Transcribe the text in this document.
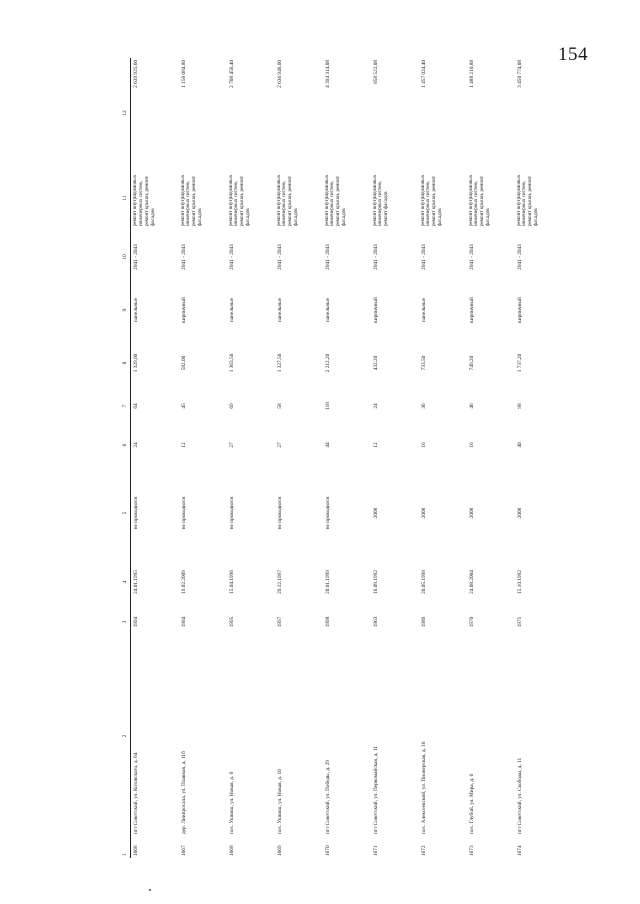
154
1	2	3	4	5	6	7	8	9	10	11	12
1666	пгт Советский, ул. Котовского, д. 64	1994	24.01.1995	не проводился	24	64	1 329,00	панельные	2041 - 2043	ремонт внутридомовых инженерных систем, ремонт крыши, ремонт фасадов	2 639 925,60
1667	дер. Лиипросала, ул. Плавная, д. 11б	1984	19.02.2009	не проводился	12	45	582,00	кирпичный	2041 - 2043	ремонт внутридомовых инженерных систем, ремонт крыши, ремонт фасадов	1 156 084,80
1668	пос. Ушкиш, ул. Новая, д. 8	1995	15.04.1996	не проводился	27	69	1 363,50	панельные	2041 - 2043	ремонт внутридомовых инженерных систем, ремонт крыши, ремонт фасадов	2 708 456,40
1669	пос. Ушкиш, ул. Новая, д. 10	1997	29.12.1997	не проводился	27	58	1 327,50	панельные	2041 - 2043	ремонт внутридомовых инженерных систем, ремонт крыши, ремонт фасадов	2 636 946,00
1670	пгт Советский, ул. Победы, д. 29	1998	20.01.1999	не проводился	44	118	2 212,20	панельные	2041 - 2043	ремонт внутридомовых инженерных систем, ремонт крыши, ремонт фасадов	4 394 314,08
1671	пгт Советский, ул. Первомайская, д. 11	1963	16.09.1992	2008	12	24	432,20	кирпичный	2041 - 2043	ремонт внутридомовых инженерных систем, ремонт фасадов	858 522,08
1672	пос. Алексеевский, ул. Пионерская, д. 16	1989	20.05.1998	2008	16	36	733,50	панельные	2041 - 2043	ремонт внутридомовых инженерных систем, ремонт крыши, ремонт фасадов	1 457 024,40
1673	пос. Глубой, ул. Мира, д. 6	1970	24.08.2004	2008	16	46	749,20	кирпичный	2041 - 2043	ремонт внутридомовых инженерных систем, ремонт крыши, ремонт фасадов	1 488 210,88
1674	пгт Советский, ул. Свободы, д. 11	1971	15.10.1992	2008	40	98	1 737,20	кирпичный	2041 - 2043	ремонт внутридомовых инженерных систем, ремонт крыши, ремонт фасадов	3 450 774,08
